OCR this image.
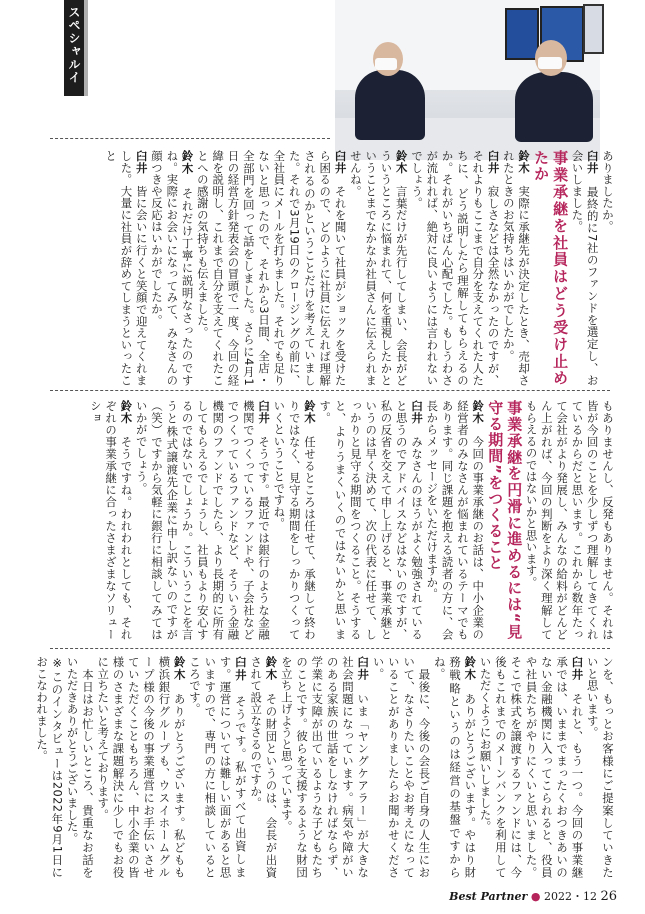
スペシャルインタビュー

ありましたか。

臼井　最終的に7社のファンドを選定し、お会いしました。

事業承継を社員はどう受け止めたか

鈴木　実際に承継先が決定したとき、売却されたときのお気持ちはいかがでしたか。

臼井　寂しさなどは全然なかったのですが、それよりもここまで自分を支えてくれた人たちに、どう説明したら理解してもらえるのか。それがいちばん心配でした。もしうわさが流れれば、絶対に良いようには言われないでしょう。

鈴木　言葉だけが先行してしまい、会長がどういうところに悩まれて、何を重視したかということまでなかなか社員さんに伝えられませんね。

臼井　それを聞いて社員がショックを受けたら困るので、どのように社員に伝えれば理解されるのかということだけを考えていました。それで3月19日のクロージングの前に、全社員にメールを打ちました。それでも足りないと思ったので、それから3日間、全店・全部門を回って話をしました。さらに4月1日の経営方針発表会の冒頭で一度、今回の経緯を説明し、これまで自分を支えてくれたことへの感謝の気持ちも伝えました。

鈴木　それだけ丁寧に説明なさったのですね。実際にお会いになってみて、みなさんの顔つきや反応はいかがでしたか。

臼井　皆に会いに行くと笑顔で迎えてくれました。大量に社員が辞めてしまうといったこと

もありませんし、反発もありません。それは皆が今回のことを少しずつ理解してきてくれているからだと思います。これから数年たって会社がより発展し、みんなの給料がどんどん上がれば、今回の判断をより深く理解してもらえるのではないかと思います。

事業承継を円滑に進めるには“見守る期間”をつくること

鈴木　今回の事業承継のお話は、中小企業の経営者のみなさんが悩まれているテーマでもあります。同じ課題を抱える読者の方に、会長からメッセージをいただけますか。

臼井　みなさんのほうがよく勉強されていると思うのでアドバイスなどはないのですが、私の反省を交えて申し上げると、事業承継というのは早く決めて、次の代表に任せて、しっかりと見守る期間をつくること。そうすると、よりうまくいくのではないかと思います。

鈴木　任せるところは任せて、承継して終わりではなく、見守る期間をしっかりつくっていくということですね。

臼井　そうです。最近では銀行のような金融機関でつくっているファンドや、子会社などでつくっているファンドなど、そういう金融機関のファンドでしたら、より長期的に所有してもらえるでしょうし、社員もより安心するのではないでしょうか。こういうことを言うと株式譲渡先企業に申し訳ないのですが（笑）ですから気軽に銀行に相談してみてはいかがでしょう。

鈴木　そうですね。われわれとしても、それぞれの事業承継に合ったさまざまなソリューショ

ンを、もっとお客様にご提案していきたいと思います。

臼井　それと、もう一つ。今回の事業継承では、いままでまったくおつきあいのない金融機関に入ってこられると、役員や社員たちがやりにくいと思いました。そこで株式を譲渡するファンドには、今後もこれまでのメーンバンクを利用していただくようにお願いしました。

鈴木　ありがとうございます。やはり財務戦略というのは経営の基盤ですからね。

　最後に、今後の会長ご自身の人生において、なさりたいことやお考えになっていることがありましたらお聞かせください。

臼井　いま「ヤングケアラー」が大きな社会問題になっています。病気や障がいのある家族の世話をしなければならず、学業に支障が出ているような子どもたちのことです。彼らを支援するような財団を立ち上げようと思っています。

鈴木　その財団というのは、会長が出資されて設立なさるのですか。

臼井　そうです。私がすべて出資します。運営については難しい面があると思いますので、専門の方に相談しているところです。

鈴木　ありがとうございます。私どもも横浜銀行グループも、ウスイホームグループ様の今後の事業運営にお手伝いさせていただくこともちろん、中小企業の皆様のさまざまな課題解決に少しでもお役に立ちたいと考えております。

　本日はお忙しいところ、貴重なお話をいただきありがとうございました。

※このインタビューは2022年9月1日におこなわれました。

Best Partner ● 2022・12 26
